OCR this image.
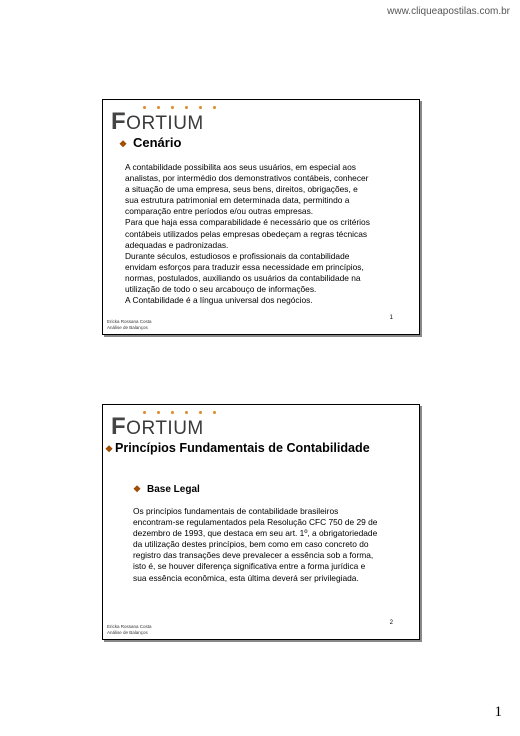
www.cliqueapostilas.com.br
FORTIUM
❖ Cenário
A contabilidade possibilita aos seus usuários, em especial aos
analistas, por intermédio dos demonstrativos contábeis, conhecer
a situação de uma empresa, seus bens, direitos, obrigações, e
sua estrutura patrimonial em determinada data, permitindo a
comparação entre períodos e/ou outras empresas.
Para que haja essa comparabilidade é necessário que os critérios
contábeis utilizados pelas empresas obedeçam a regras técnicas
adequadas e padronizadas.
Durante séculos, estudiosos e profissionais da contabilidade
envidam esforços para traduzir essa necessidade em princípios,
normas, postulados, auxiliando os usuários da contabilidade na
utilização de todo o seu arcabouço de informações.
A Contabilidade é a língua universal dos negócios.
Ericka Rossana Costa
Análise de Balanços
1
FORTIUM
❖ Princípios Fundamentais de Contabilidade
❖ Base Legal
Os princípios fundamentais de contabilidade brasileiros
encontram-se regulamentados pela Resolução CFC 750 de 29 de
dezembro de 1993, que destaca em seu art. 1º, a obrigatoriedade
da utilização destes princípios, bem como em caso concreto do
registro das transações deve prevalecer a essência sob a forma,
isto é, se houver diferença significativa entre a forma jurídica e
sua essência econômica, esta última deverá ser privilegiada.
Ericka Rossana Costa
Análise de Balanços
2
1
